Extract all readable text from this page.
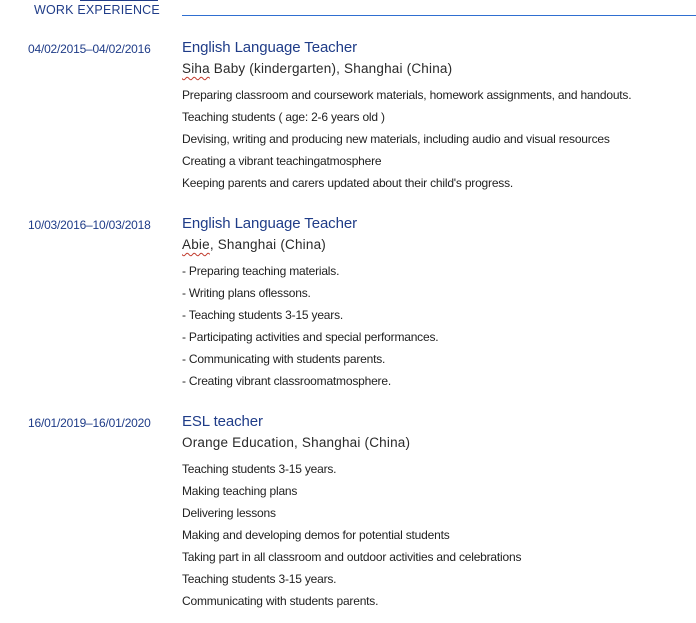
WORK EXPERIENCE
04/02/2015–04/02/2016	English Language Teacher
Siha Baby (kindergarten), Shanghai (China)
Preparing classroom and coursework materials, homework assignments, and handouts.
Teaching students ( age: 2-6 years old )
Devising, writing and producing new materials, including audio and visual resources
Creating a vibrant teachingatmosphere
Keeping parents and carers updated about their child's progress.
10/03/2016–10/03/2018	English Language Teacher
Abie, Shanghai (China)
- Preparing teaching materials.
- Writing plans oflessons.
- Teaching students 3-15 years.
- Participating activities and special performances.
- Communicating with students parents.
- Creating vibrant classroomatmosphere.
16/01/2019–16/01/2020	ESL teacher
Orange Education, Shanghai (China)
Teaching students 3-15 years.
Making teaching plans
Delivering lessons
Making and developing demos for potential students
Taking part in all classroom and outdoor activities and celebrations
Teaching students 3-15 years.
Communicating with students parents.
